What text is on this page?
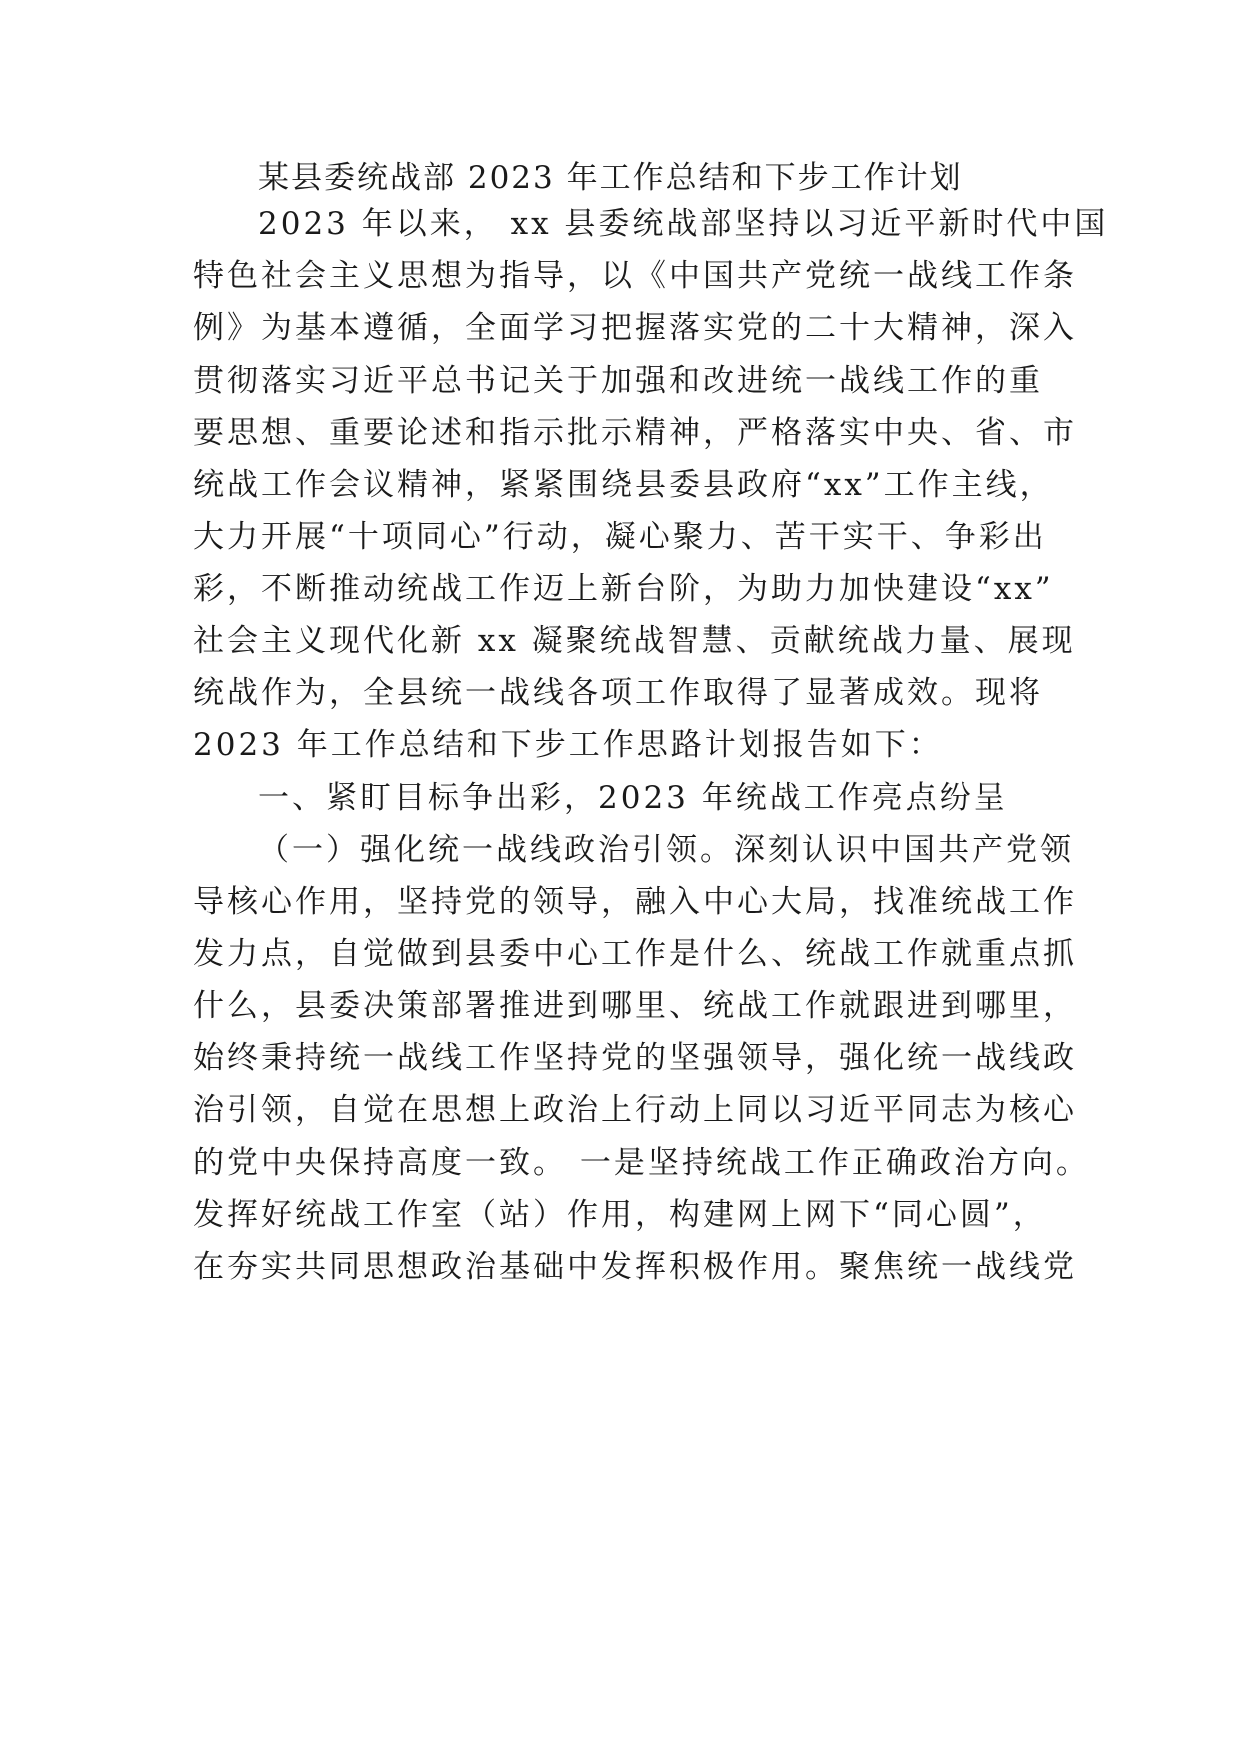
某县委统战部 2023 年工作总结和下步工作计划
2023 年以来， xx 县委统战部坚持以习近平新时代中国
特色社会主义思想为指导，以《中国共产党统一战线工作条
例》为基本遵循，全面学习把握落实党的二十大精神，深入
贯彻落实习近平总书记关于加强和改进统一战线工作的重
要思想、重要论述和指示批示精神，严格落实中央、省、市
统战工作会议精神，紧紧围绕县委县政府“xx”工作主线，
大力开展“十项同心”行动，凝心聚力、苦干实干、争彩出
彩，不断推动统战工作迈上新台阶，为助力加快建设“xx”
社会主义现代化新 xx 凝聚统战智慧、贡献统战力量、展现
统战作为，全县统一战线各项工作取得了显著成效。现将
2023 年工作总结和下步工作思路计划报告如下：
一、紧盯目标争出彩，2023 年统战工作亮点纷呈
（一）强化统一战线政治引领。深刻认识中国共产党领
导核心作用，坚持党的领导，融入中心大局，找准统战工作
发力点，自觉做到县委中心工作是什么、统战工作就重点抓
什么，县委决策部署推进到哪里、统战工作就跟进到哪里，
始终秉持统一战线工作坚持党的坚强领导，强化统一战线政
治引领，自觉在思想上政治上行动上同以习近平同志为核心
的党中央保持高度一致。 一是坚持统战工作正确政治方向。
发挥好统战工作室（站）作用，构建网上网下“同心圆”，
在夯实共同思想政治基础中发挥积极作用。聚焦统一战线党
